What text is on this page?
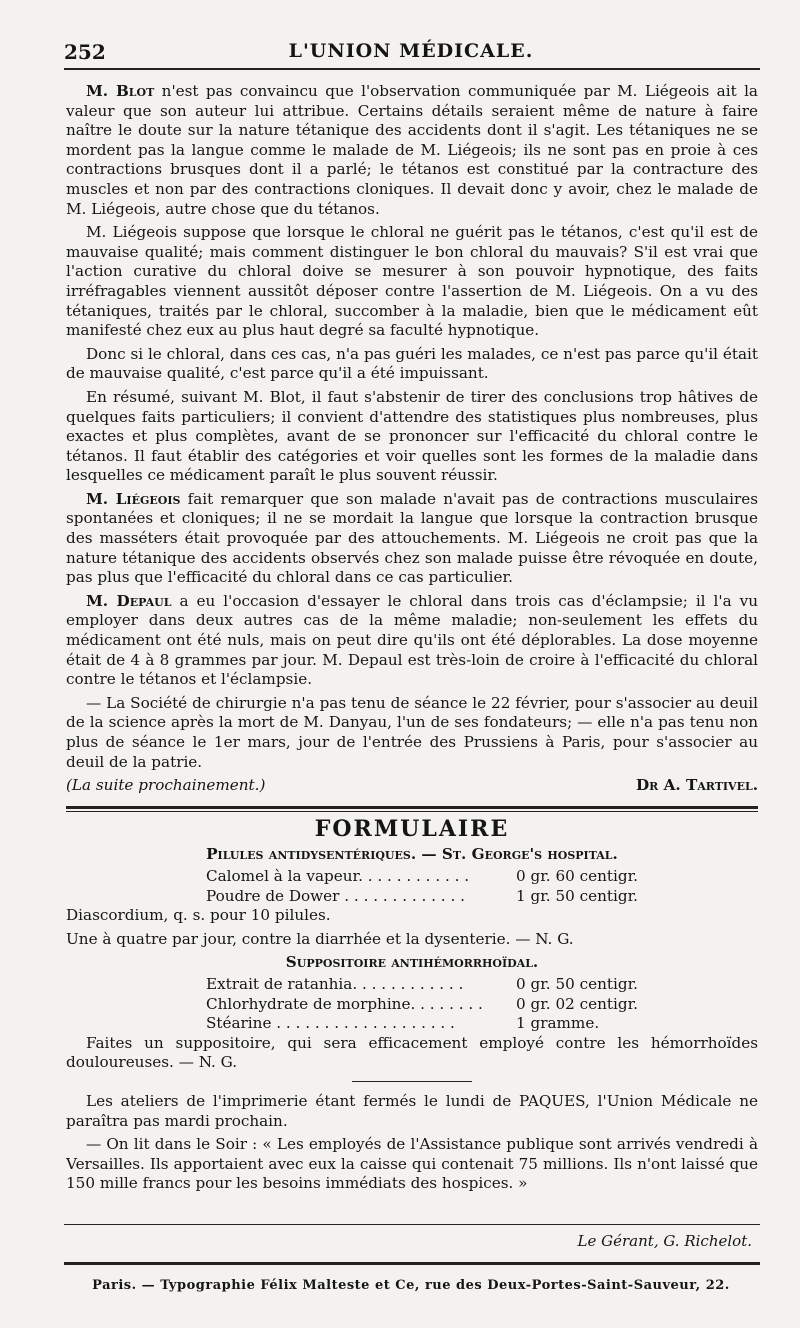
252	L'UNION MÉDICALE.

M. Blot n'est pas convaincu que l'observation communiquée par M. Liégeois ait la valeur que son auteur lui attribue. Certains détails seraient même de nature à faire naître le doute sur la nature tétanique des accidents dont il s'agit. Les tétaniques ne se mordent pas la langue comme le malade de M. Liégeois; ils ne sont pas en proie à ces contractions brusques dont il a parlé; le tétanos est constitué par la contracture des muscles et non par des contractions cloniques. Il devait donc y avoir, chez le malade de M. Liégeois, autre chose que du tétanos.

M. Liégeois suppose que lorsque le chloral ne guérit pas le tétanos, c'est qu'il est de mauvaise qualité; mais comment distinguer le bon chloral du mauvais? S'il est vrai que l'action curative du chloral doive se mesurer à son pouvoir hypnotique, des faits irréfragables viennent aussitôt déposer contre l'assertion de M. Liégeois. On a vu des tétaniques, traités par le chloral, succomber à la maladie, bien que le médicament eût manifesté chez eux au plus haut degré sa faculté hypnotique.

Donc si le chloral, dans ces cas, n'a pas guéri les malades, ce n'est pas parce qu'il était de mauvaise qualité, c'est parce qu'il a été impuissant.

En résumé, suivant M. Blot, il faut s'abstenir de tirer des conclusions trop hâtives de quelques faits particuliers; il convient d'attendre des statistiques plus nombreuses, plus exactes et plus complètes, avant de se prononcer sur l'efficacité du chloral contre le tétanos. Il faut établir des catégories et voir quelles sont les formes de la maladie dans lesquelles ce médicament paraît le plus souvent réussir.

M. Liégeois fait remarquer que son malade n'avait pas de contractions musculaires spontanées et cloniques; il ne se mordait la langue que lorsque la contraction brusque des masséters était provoquée par des attouchements. M. Liégeois ne croit pas que la nature tétanique des accidents observés chez son malade puisse être révoquée en doute, pas plus que l'efficacité du chloral dans ce cas particulier.

M. Depaul a eu l'occasion d'essayer le chloral dans trois cas d'éclampsie; il l'a vu employer dans deux autres cas de la même maladie; non-seulement les effets du médicament ont été nuls, mais on peut dire qu'ils ont été déplorables. La dose moyenne était de 4 à 8 grammes par jour. M. Depaul est très-loin de croire à l'efficacité du chloral contre le tétanos et l'éclampsie.

— La Société de chirurgie n'a pas tenu de séance le 22 février, pour s'associer au deuil de la science après la mort de M. Danyau, l'un de ses fondateurs; — elle n'a pas tenu non plus de séance le 1er mars, jour de l'entrée des Prussiens à Paris, pour s'associer au deuil de la patrie.

(La suite prochainement.)	Dr A. Tartivel.
FORMULAIRE
Pilules antidysentériques. — St. George's hospital.
Calomel à la vapeur. . . . . . . . . . . .	0 gr. 60 centigr.
Poudre de Dower . . . . . . . . . . . . .	1 gr. 50 centigr.

Diascordium, q. s. pour 10 pilules.

Une à quatre par jour, contre la diarrhée et la dysenterie. — N. G.

Suppositoire antihémorrhoïdal.
Extrait de ratanhia. . . . . . . . . . . .	0 gr. 50 centigr.
Chlorhydrate de morphine. . . . . . . .	0 gr. 02 centigr.
Stéarine . . . . . . . . . . . . . . . . . . .	1 gramme.

Faites un suppositoire, qui sera efficacement employé contre les hémorrhoïdes douloureuses. — N. G.

Les ateliers de l'imprimerie étant fermés le lundi de PAQUES, l'Union Médicale ne paraîtra pas mardi prochain.

— On lit dans le Soir : « Les employés de l'Assistance publique sont arrivés vendredi à Versailles. Ils apportaient avec eux la caisse qui contenait 75 millions. Ils n'ont laissé que 150 mille francs pour les besoins immédiats des hospices. »

Le Gérant, G. Richelot.
Paris. — Typographie Félix Malteste et Ce, rue des Deux-Portes-Saint-Sauveur, 22.
